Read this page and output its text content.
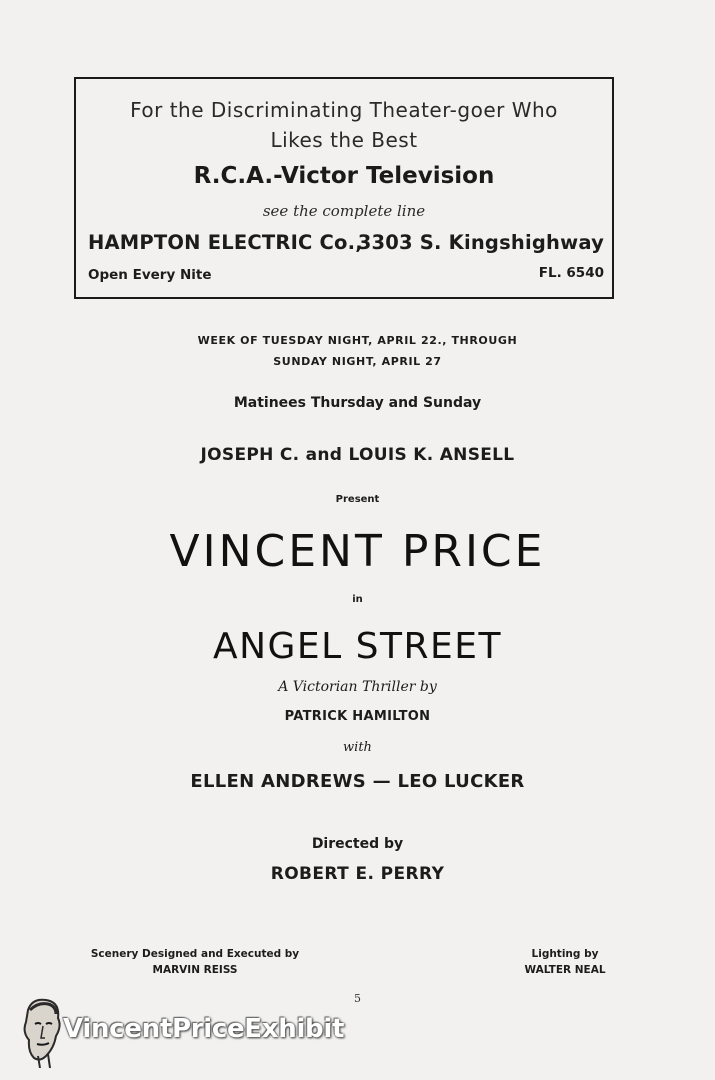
For the Discriminating Theater-goer Who
Likes the Best
R.C.A.-Victor Television
see the complete line
HAMPTON ELECTRIC Co.,
3303 S. Kingshighway
Open Every Nite	FL. 6540
WEEK OF TUESDAY NIGHT, APRIL 22., THROUGH
SUNDAY NIGHT, APRIL 27
Matinees Thursday and Sunday
JOSEPH C. and LOUIS K. ANSELL
Present
VINCENT PRICE
in
ANGEL STREET
A Victorian Thriller by
PATRICK HAMILTON
with
ELLEN ANDREWS — LEO LUCKER
Directed by
ROBERT E. PERRY
Scenery Designed and Executed by
MARVIN REISS
Lighting by
WALTER NEAL
5
VincentPriceExhibit
